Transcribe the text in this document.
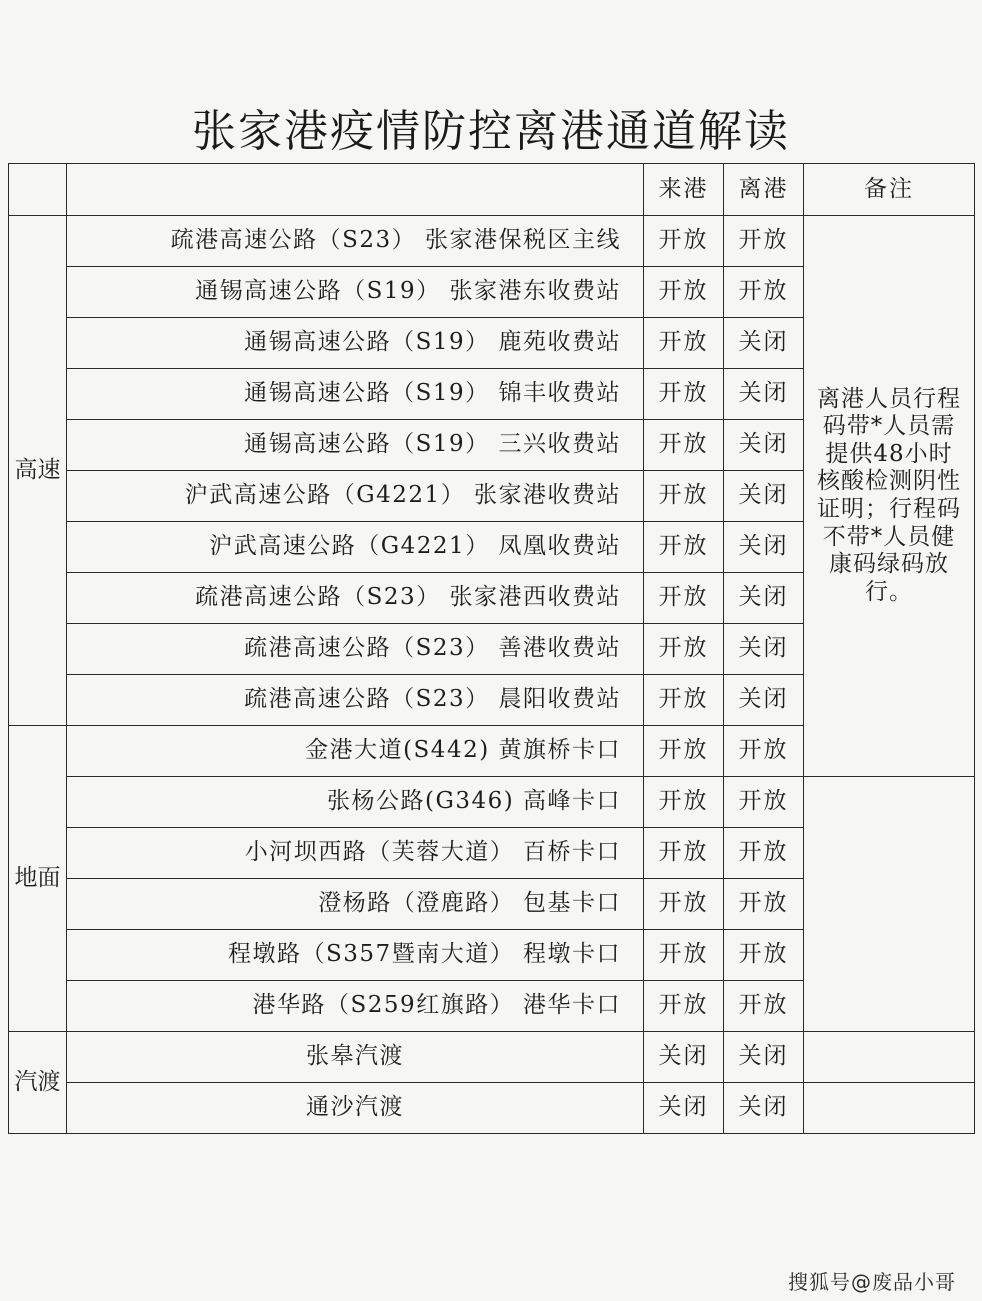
张家港疫情防控离港通道解读
		来港	离港	备注

高速	疏港高速公路（S23） 张家港保税区主线	开放	开放	离港人员行程码带*人员需提供48小时核酸检测阴性证明；行程码不带*人员健康码绿码放行。
	通锡高速公路（S19） 张家港东收费站	开放	开放	
	通锡高速公路（S19） 鹿苑收费站	开放	关闭	
	通锡高速公路（S19） 锦丰收费站	开放	关闭	
	通锡高速公路（S19） 三兴收费站	开放	关闭	
	沪武高速公路（G4221） 张家港收费站	开放	关闭	
	沪武高速公路（G4221） 凤凰收费站	开放	关闭	
	疏港高速公路（S23） 张家港西收费站	开放	关闭	
	疏港高速公路（S23） 善港收费站	开放	关闭	
	疏港高速公路（S23） 晨阳收费站	开放	关闭	

地面	金港大道(S442) 黄旗桥卡口	开放	开放	
	张杨公路(G346) 高峰卡口	开放	开放	
	小河坝西路（芙蓉大道） 百桥卡口	开放	开放	
	澄杨路（澄鹿路） 包基卡口	开放	开放	
	程墩路（S357暨南大道） 程墩卡口	开放	开放	
	港华路（S259红旗路） 港华卡口	开放	开放	

汽渡	张皋汽渡	关闭	关闭	
	通沙汽渡	关闭	关闭	
搜狐号@废品小哥
